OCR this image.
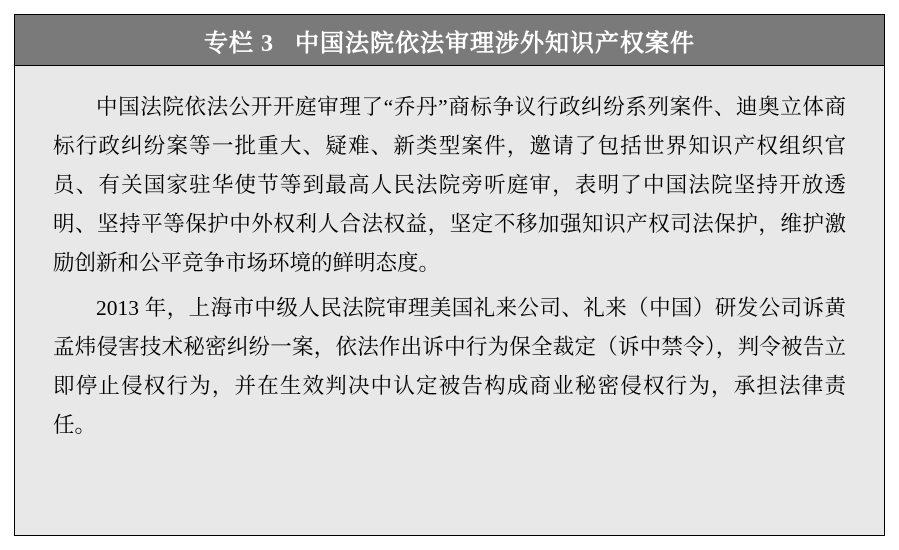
专栏 3   中国法院依法审理涉外知识产权案件

中国法院依法公开开庭审理了“乔丹”商标争议行政纠纷系列案件、迪奥立体商标行政纠纷案等一批重大、疑难、新类型案件，邀请了包括世界知识产权组织官员、有关国家驻华使节等到最高人民法院旁听庭审，表明了中国法院坚持开放透明、坚持平等保护中外权利人合法权益，坚定不移加强知识产权司法保护，维护激励创新和公平竞争市场环境的鲜明态度。

2013 年，上海市中级人民法院审理美国礼来公司、礼来（中国）研发公司诉黄孟炜侵害技术秘密纠纷一案，依法作出诉中行为保全裁定（诉中禁令），判令被告立即停止侵权行为，并在生效判决中认定被告构成商业秘密侵权行为，承担法律责任。
